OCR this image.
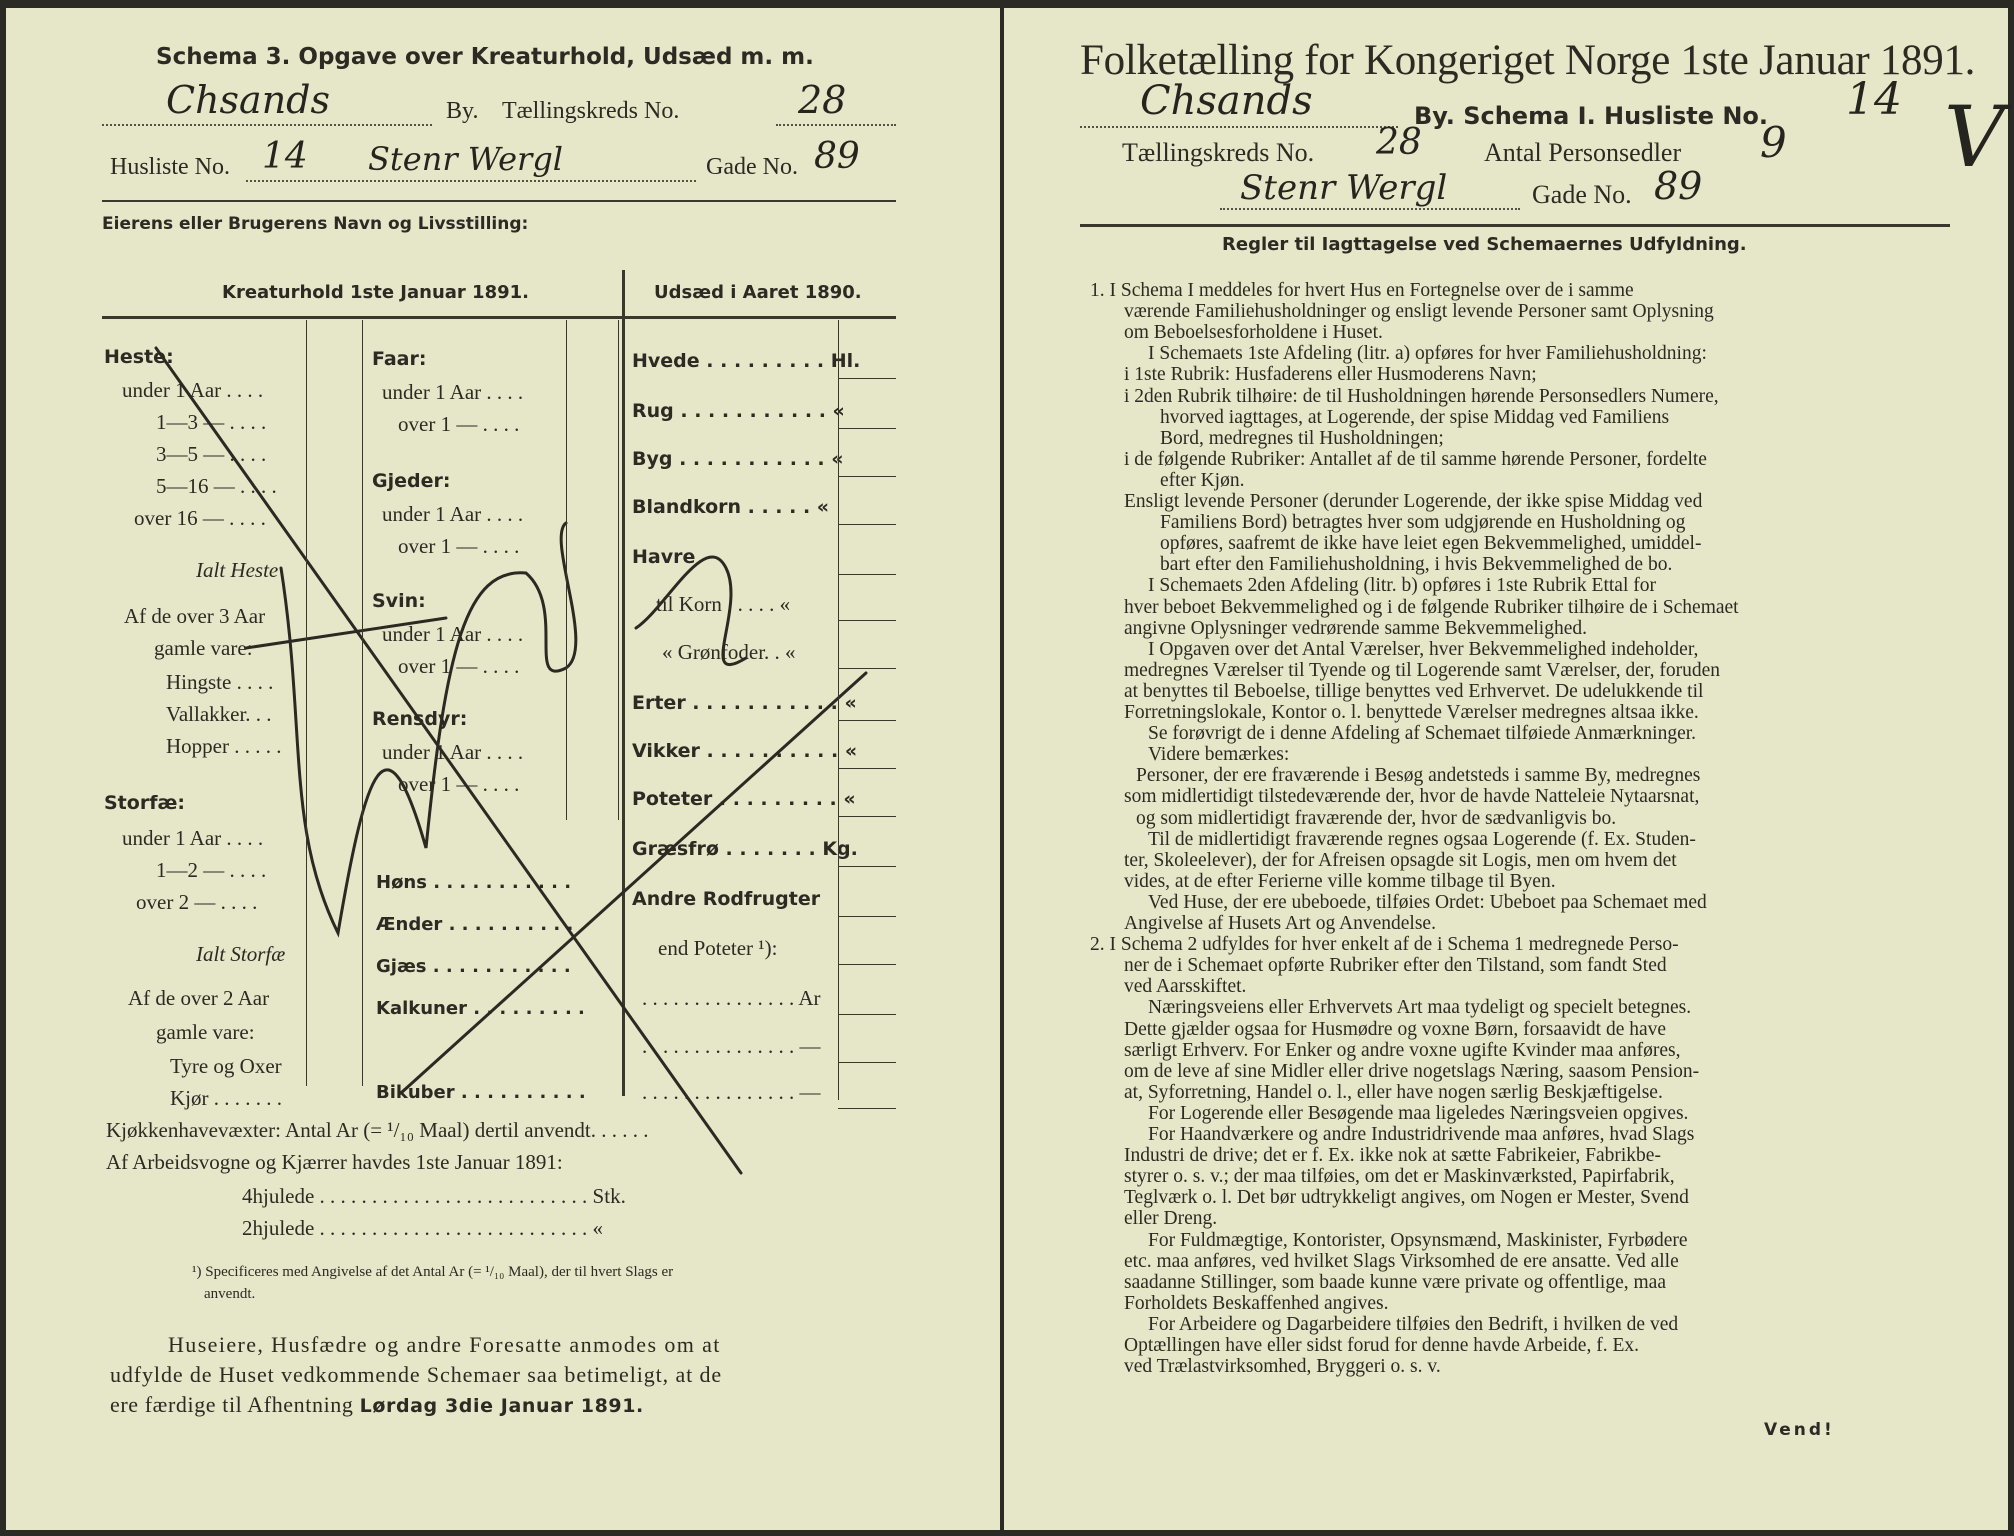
Schema 3. Opgave over Kreaturhold, Udsæd m. m.
Chsands	By. Tællingskreds No.	28
Husliste No. 14 Stenr Wergl	Gade No. 89
Eierens eller Brugerens Navn og Livsstilling:
Kreaturhold 1ste Januar 1891.	Udsæd i Aaret 1890.
Heste:
under 1 Aar . . . .
1—3 — . . . .
3—5 — . . . .
5—16 — . . . .
over 16 — . . . .
Ialt Heste
Af de over 3 Aar
gamle vare:
Hingste . . . .
Vallakker. . .
Hopper . . . . .
Storfæ:
under 1 Aar . . . .
1—2 — . . . .
over 2 — . . . .
Ialt Storfæ
Af de over 2 Aar
gamle vare:
Tyre og Oxer
Kjør . . . . . . .
Faar:
under 1 Aar . . . .
over 1 — . . . .
Gjeder:
under 1 Aar . . . .
over 1 — . . . .
Svin:
under 1 Aar . . . .
over 1 — . . . .
Rensdyr:
under 1 Aar . . . .
over 1 — . . . .
Høns . . . . . . . . . . .
Ænder . . . . . . . . . .
Gjæs . . . . . . . . . . .
Kalkuner . . . . . . . . .
Bikuber . . . . . . . . . .
Hvede . . . . . . . . . Hl.
Rug . . . . . . . . . . . «
Byg . . . . . . . . . . . «
Blandkorn . . . . . «
Havre
til Korn . . . . . «
« Grønfoder. . «
Erter . . . . . . . . . . . «
Vikker . . . . . . . . . . «
Poteter . . . . . . . . . «
Græsfrø . . . . . . . Kg.
Andre Rodfrugter
end Poteter ¹):
. . . . . . . . . . . . . . . Ar
. . . . . . . . . . . . . . . —
. . . . . . . . . . . . . . . —
Kjøkkenhavevæxter: Antal Ar (= ¹/₁₀ Maal) dertil anvendt. . . . . .
Af Arbeidsvogne og Kjærrer havdes 1ste Januar 1891:
4hjulede . . . . . . . . . . . . . . . . . . . . . . . . . . Stk.
2hjulede . . . . . . . . . . . . . . . . . . . . . . . . . . «
¹) Specificeres med Angivelse af det Antal Ar (= ¹/₁₀ Maal), der til hvert Slags er
anvendt.
Huseiere, Husfædre og andre Foresatte anmodes om at
udfylde de Huset vedkommende Schemaer saa betimeligt, at de
ere færdige til Afhentning Lørdag 3die Januar 1891.
Folketælling for Kongeriget Norge 1ste Januar 1891.
Chsands	By. Schema I. Husliste No. 14
Tællingskreds No. 28 Antal Personsedler 9 V
Stenr Wergl	Gade No. 89
Regler til Iagttagelse ved Schemaernes Udfyldning.
1. I Schema I meddeles for hvert Hus en Fortegnelse over de i samme
værende Familiehusholdninger og ensligt levende Personer samt Oplysning
om Beboelsesforholdene i Huset.
I Schemaets 1ste Afdeling (litr. a) opføres for hver Familiehusholdning:
i 1ste Rubrik: Husfaderens eller Husmoderens Navn;
i 2den Rubrik tilhøire: de til Husholdningen hørende Personsedlers Numere,
hvorved iagttages, at Logerende, der spise Middag ved Familiens
Bord, medregnes til Husholdningen;
i de følgende Rubriker: Antallet af de til samme hørende Personer, fordelte
efter Kjøn.
Ensligt levende Personer (derunder Logerende, der ikke spise Middag ved
Familiens Bord) betragtes hver som udgjørende en Husholdning og
opføres, saafremt de ikke have leiet egen Bekvemmelighed, umiddel-
bart efter den Familiehusholdning, i hvis Bekvemmelighed de bo.
I Schemaets 2den Afdeling (litr. b) opføres i 1ste Rubrik Ettal for
hver beboet Bekvemmelighed og i de følgende Rubriker tilhøire de i Schemaet
angivne Oplysninger vedrørende samme Bekvemmelighed.
I Opgaven over det Antal Værelser, hver Bekvemmelighed indeholder,
medregnes Værelser til Tyende og til Logerende samt Værelser, der, foruden
at benyttes til Beboelse, tillige benyttes ved Erhvervet. De udelukkende til
Forretningslokale, Kontor o. l. benyttede Værelser medregnes altsaa ikke.
Se forøvrigt de i denne Afdeling af Schemaet tilføiede Anmærkninger.
Videre bemærkes:
Personer, der ere fraværende i Besøg andetsteds i samme By, medregnes
som midlertidigt tilstedeværende der, hvor de havde Natteleie Nytaarsnat,
og som midlertidigt fraværende der, hvor de sædvanligvis bo.
Til de midlertidigt fraværende regnes ogsaa Logerende (f. Ex. Studen-
ter, Skoleelever), der for Afreisen opsagde sit Logis, men om hvem det
vides, at de efter Ferierne ville komme tilbage til Byen.
Ved Huse, der ere ubeboede, tilføies Ordet: Ubeboet paa Schemaet med
Angivelse af Husets Art og Anvendelse.
2. I Schema 2 udfyldes for hver enkelt af de i Schema 1 medregnede Perso-
ner de i Schemaet opførte Rubriker efter den Tilstand, som fandt Sted
ved Aarsskiftet.
Næringsveiens eller Erhvervets Art maa tydeligt og specielt betegnes.
Dette gjælder ogsaa for Husmødre og voxne Børn, forsaavidt de have
særligt Erhverv. For Enker og andre voxne ugifte Kvinder maa anføres,
om de leve af sine Midler eller drive nogetslags Næring, saasom Pension-
at, Syforretning, Handel o. l., eller have nogen særlig Beskjæftigelse.
For Logerende eller Besøgende maa ligeledes Næringsveien opgives.
For Haandværkere og andre Industridrivende maa anføres, hvad Slags
Industri de drive; det er f. Ex. ikke nok at sætte Fabrikeier, Fabrikbe-
styrer o. s. v.; der maa tilføies, om det er Maskinværksted, Papirfabrik,
Teglværk o. l. Det bør udtrykkeligt angives, om Nogen er Mester, Svend
eller Dreng.
For Fuldmægtige, Kontorister, Opsynsmænd, Maskinister, Fyrbødere
etc. maa anføres, ved hvilket Slags Virksomhed de ere ansatte. Ved alle
saadanne Stillinger, som baade kunne være private og offentlige, maa
Forholdets Beskaffenhed angives.
For Arbeidere og Dagarbeidere tilføies den Bedrift, i hvilken de ved
Optællingen have eller sidst forud for denne havde Arbeide, f. Ex.
ved Trælastvirksomhed, Bryggeri o. s. v.
Vend!
